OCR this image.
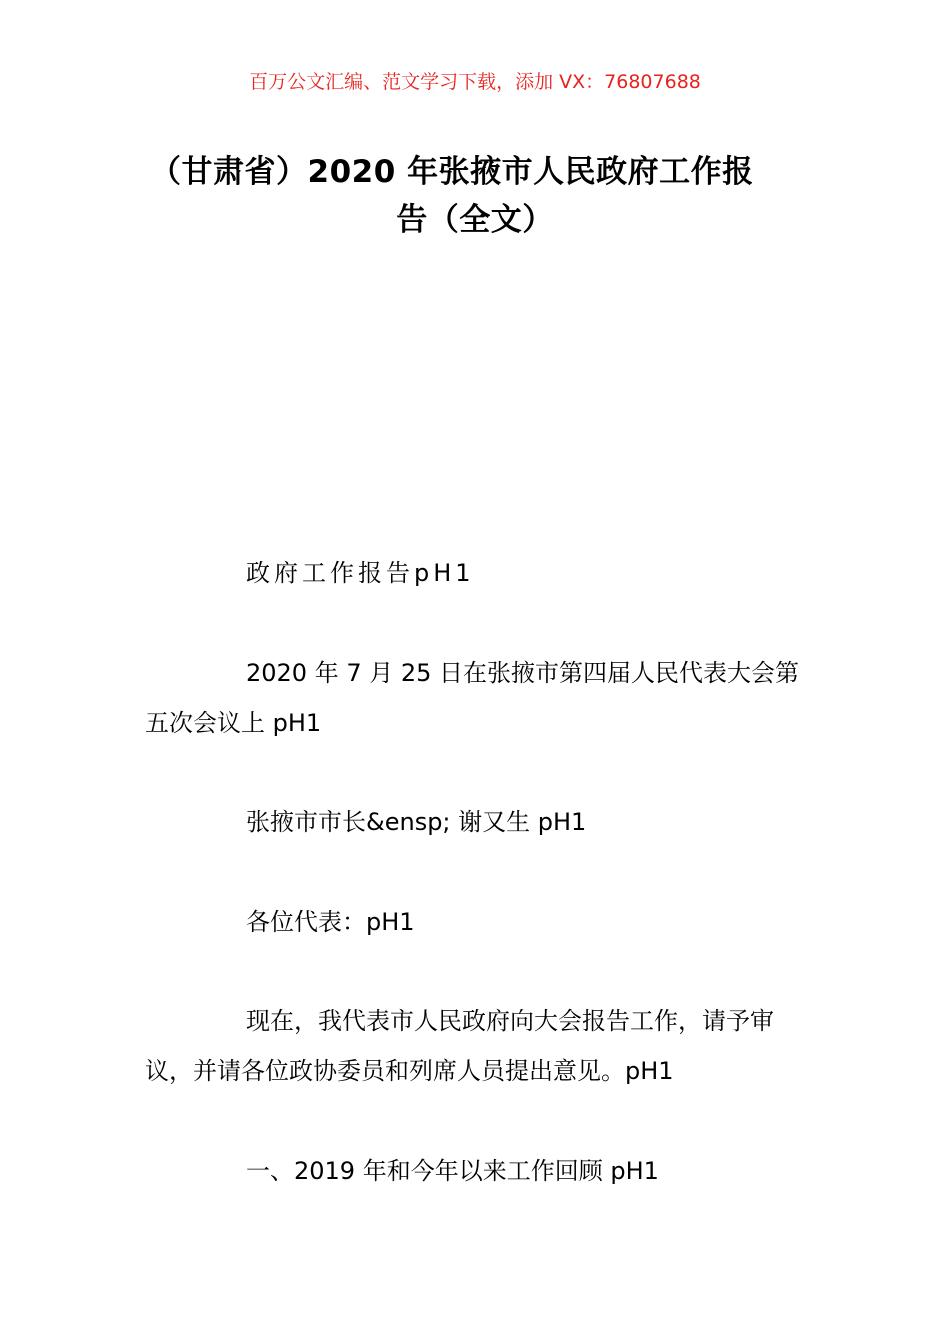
百万公文汇编、范文学习下载，添加 VX：76807688
（甘肃省）2020 年张掖市人民政府工作报
告（全文）

政府工作报告pH1

2020 年 7 月 25 日在张掖市第四届人民代表大会第五次会议上 pH1

张掖市市长&ensp; 谢又生 pH1

各位代表：pH1

现在，我代表市人民政府向大会报告工作，请予审议，并请各位政协委员和列席人员提出意见。pH1

一、2019 年和今年以来工作回顾 pH1
